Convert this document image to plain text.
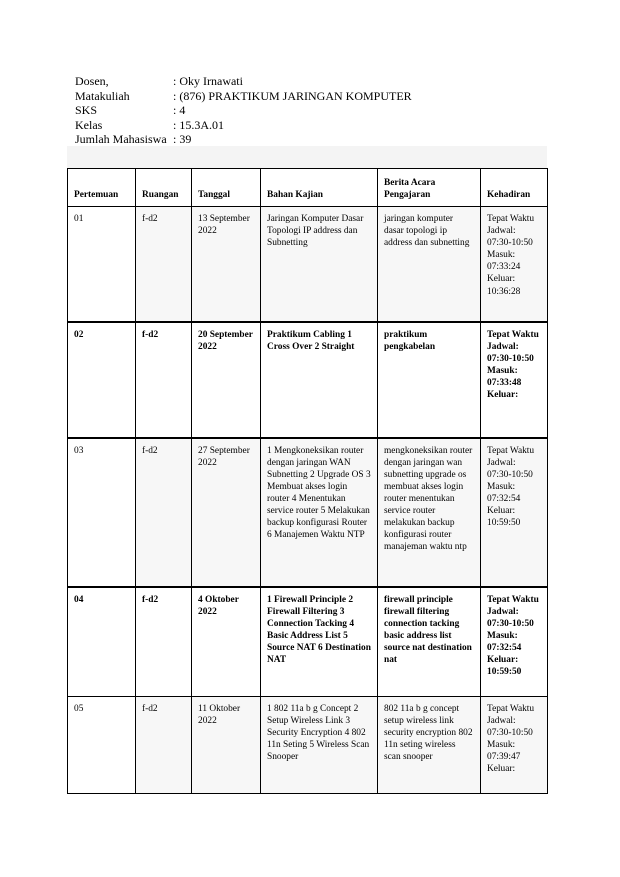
Dosen,	: Oky Irnawati
Matakuliah	: (876) PRAKTIKUM JARINGAN KOMPUTER
SKS	: 4
Kelas	: 15.3A.01
Jumlah Mahasiswa : 39
Pertemuan	Ruangan	Tanggal	Bahan Kajian	Berita Acara Pengajaran	Kehadiran
01	f-d2	13 September 2022	Jaringan Komputer Dasar Topologi IP address dan Subnetting	jaringan komputer dasar topologi ip address dan subnetting	Tepat Waktu Jadwal: 07:30-10:50 Masuk: 07:33:24 Keluar: 10:36:28
02	f-d2	20 September 2022	Praktikum Cabling 1 Cross Over 2 Straight	praktikum pengkabelan	Tepat Waktu Jadwal: 07:30-10:50 Masuk: 07:33:48 Keluar:
03	f-d2	27 September 2022	1 Mengkoneksikan router dengan jaringan WAN Subnetting 2 Upgrade OS 3 Membuat akses login router 4 Menentukan service router 5 Melakukan backup konfigurasi Router 6 Manajemen Waktu NTP	mengkoneksikan router dengan jaringan wan subnetting upgrade os membuat akses login router menentukan service router melakukan backup konfigurasi router manajeman waktu ntp	Tepat Waktu Jadwal: 07:30-10:50 Masuk: 07:32:54 Keluar: 10:59:50
04	f-d2	4 Oktober 2022	1 Firewall Principle 2 Firewall Filtering 3 Connection Tacking 4 Basic Address List 5 Source NAT 6 Destination NAT	firewall principle firewall filtering connection tacking basic address list source nat destination nat	Tepat Waktu Jadwal: 07:30-10:50 Masuk: 07:32:54 Keluar: 10:59:50
05	f-d2	11 Oktober 2022	1 802 11a b g Concept 2 Setup Wireless Link 3 Security Encryption 4 802 11n Seting 5 Wireless Scan Snooper	802 11a b g concept setup wireless link security encryption 802 11n seting wireless scan snooper	Tepat Waktu Jadwal: 07:30-10:50 Masuk: 07:39:47 Keluar:
